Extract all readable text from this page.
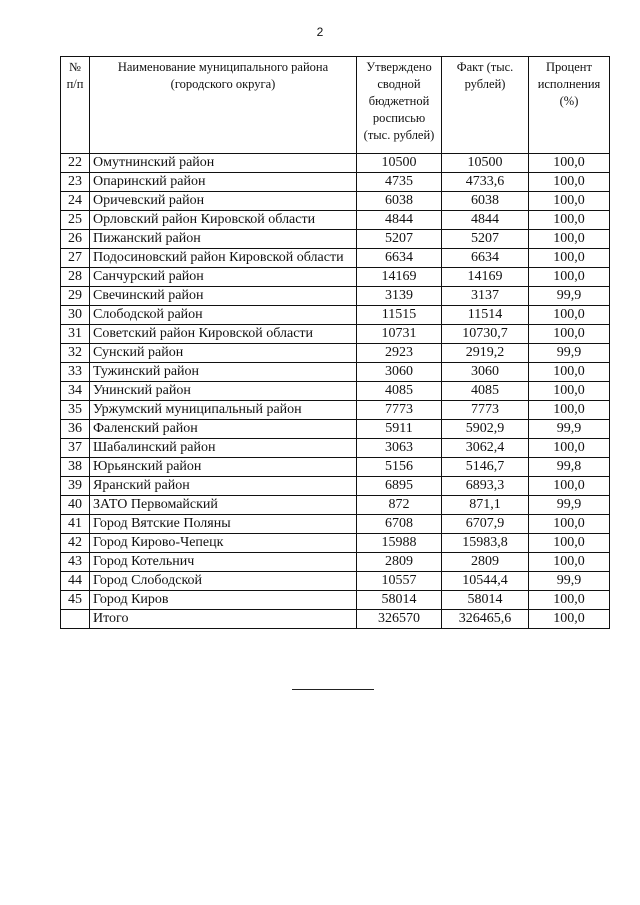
2
№ п/п	Наименование муниципального района (городского округа)	Утверждено сводной бюджетной росписью (тыс. рублей)	Факт (тыс. рублей)	Процент исполнения (%)
22	Омутнинский район	10500	10500	100,0
23	Опаринский район	4735	4733,6	100,0
24	Оричевский район	6038	6038	100,0
25	Орловский район Кировской области	4844	4844	100,0
26	Пижанский район	5207	5207	100,0
27	Подосиновский район Кировской области	6634	6634	100,0
28	Санчурский район	14169	14169	100,0
29	Свечинский район	3139	3137	99,9
30	Слободской район	11515	11514	100,0
31	Советский район Кировской области	10731	10730,7	100,0
32	Сунский район	2923	2919,2	99,9
33	Тужинский район	3060	3060	100,0
34	Унинский район	4085	4085	100,0
35	Уржумский муниципальный район	7773	7773	100,0
36	Фаленский район	5911	5902,9	99,9
37	Шабалинский район	3063	3062,4	100,0
38	Юрьянский район	5156	5146,7	99,8
39	Яранский район	6895	6893,3	100,0
40	ЗАТО Первомайский	872	871,1	99,9
41	Город Вятские Поляны	6708	6707,9	100,0
42	Город Кирово-Чепецк	15988	15983,8	100,0
43	Город Котельнич	2809	2809	100,0
44	Город Слободской	10557	10544,4	99,9
45	Город Киров	58014	58014	100,0
	Итого	326570	326465,6	100,0
